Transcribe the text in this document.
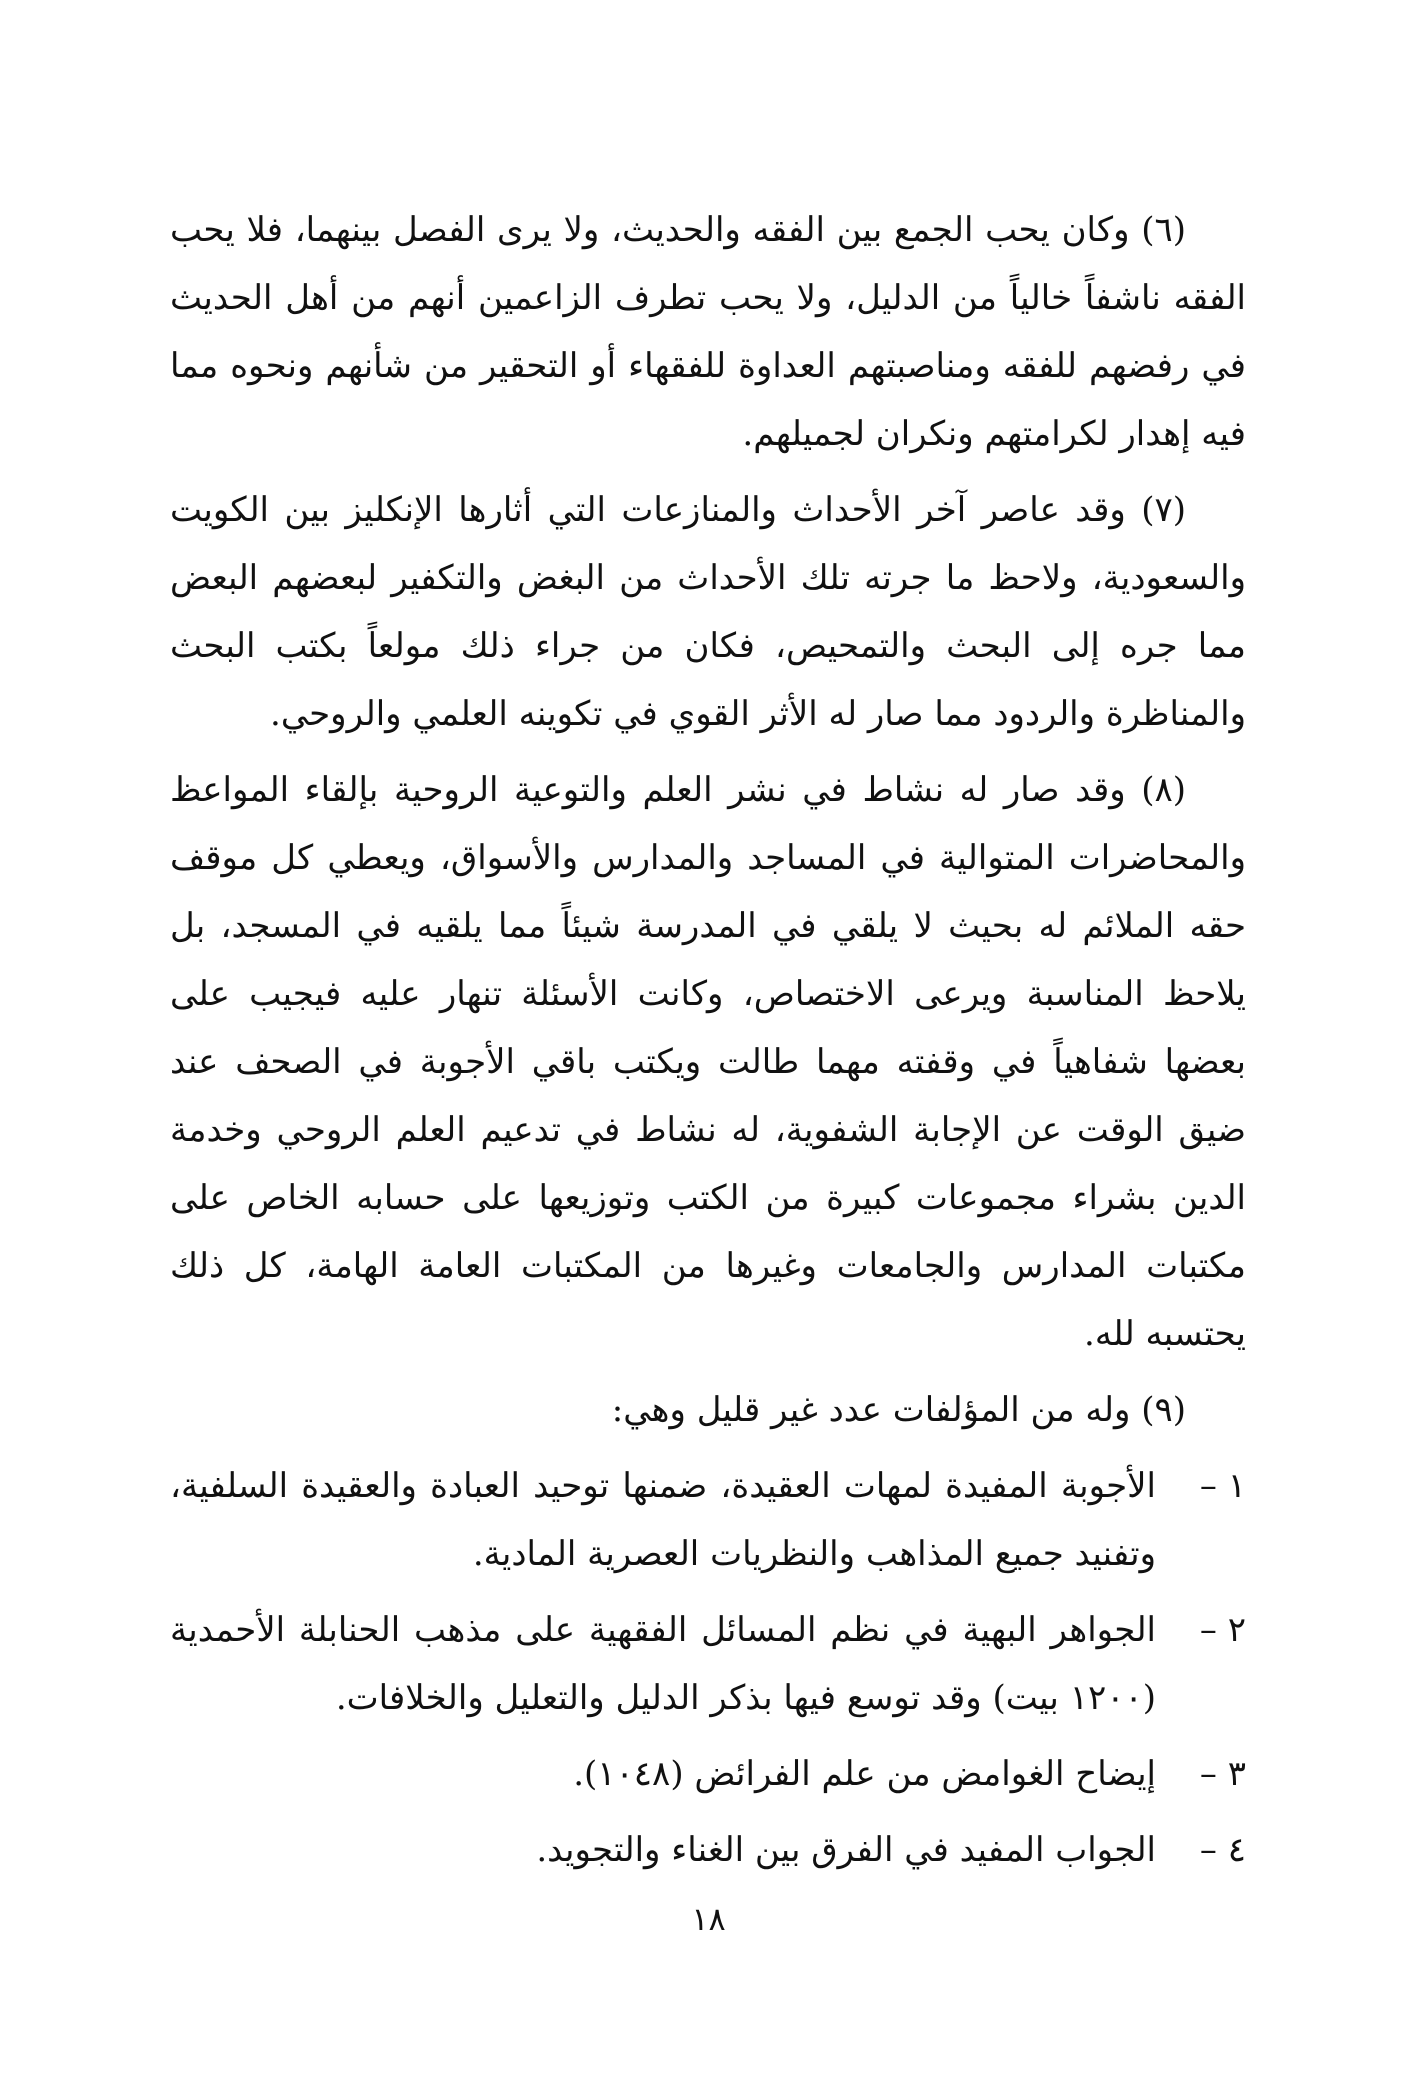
(٦) وكان يحب الجمع بين الفقه والحديث، ولا يرى الفصل بينهما، فلا يحب الفقه ناشفاً خالياً من الدليل، ولا يحب تطرف الزاعمين أنهم من أهل الحديث في رفضهم للفقه ومناصبتهم العداوة للفقهاء أو التحقير من شأنهم ونحوه مما فيه إهدار لكرامتهم ونكران لجميلهم.

(٧) وقد عاصر آخر الأحداث والمنازعات التي أثارها الإنكليز بين الكويت والسعودية، ولاحظ ما جرته تلك الأحداث من البغض والتكفير لبعضهم البعض مما جره إلى البحث والتمحيص، فكان من جراء ذلك مولعاً بكتب البحث والمناظرة والردود مما صار له الأثر القوي في تكوينه العلمي والروحي.

(٨) وقد صار له نشاط في نشر العلم والتوعية الروحية بإلقاء المواعظ والمحاضرات المتوالية في المساجد والمدارس والأسواق، ويعطي كل موقف حقه الملائم له بحيث لا يلقي في المدرسة شيئاً مما يلقيه في المسجد، بل يلاحظ المناسبة ويرعى الاختصاص، وكانت الأسئلة تنهار عليه فيجيب على بعضها شفاهياً في وقفته مهما طالت ويكتب باقي الأجوبة في الصحف عند ضيق الوقت عن الإجابة الشفوية، له نشاط في تدعيم العلم الروحي وخدمة الدين بشراء مجموعات كبيرة من الكتب وتوزيعها على حسابه الخاص على مكتبات المدارس والجامعات وغيرها من المكتبات العامة الهامة، كل ذلك يحتسبه لله.

(٩) وله من المؤلفات عدد غير قليل وهي:

١ –
الأجوبة المفيدة لمهات العقيدة، ضمنها توحيد العبادة والعقيدة السلفية، وتفنيد جميع المذاهب والنظريات العصرية المادية.
٢ –
الجواهر البهية في نظم المسائل الفقهية على مذهب الحنابلة الأحمدية (١٢٠٠ بيت) وقد توسع فيها بذكر الدليل والتعليل والخلافات.
٣ –
إيضاح الغوامض من علم الفرائض (١٠٤٨).
٤ –
الجواب المفيد في الفرق بين الغناء والتجويد.
١٨
